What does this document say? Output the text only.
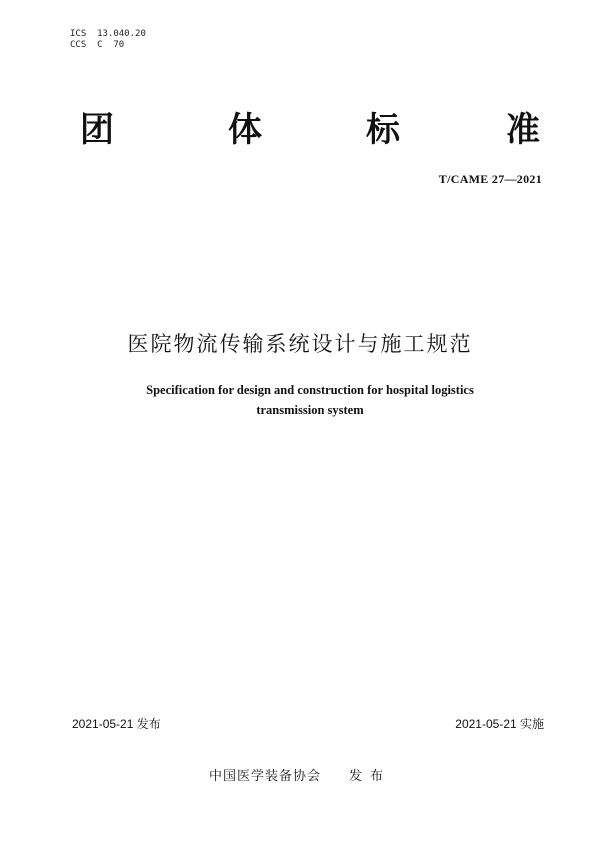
ICS  13.040.20
CCS  C  70
团	体	标	准
T/CAME 27—2021
医院物流传输系统设计与施工规范
Specification for design and construction for hospital logistics
transmission system
2021-05-21 发布	2021-05-21 实施
中国医学装备协会 发布
